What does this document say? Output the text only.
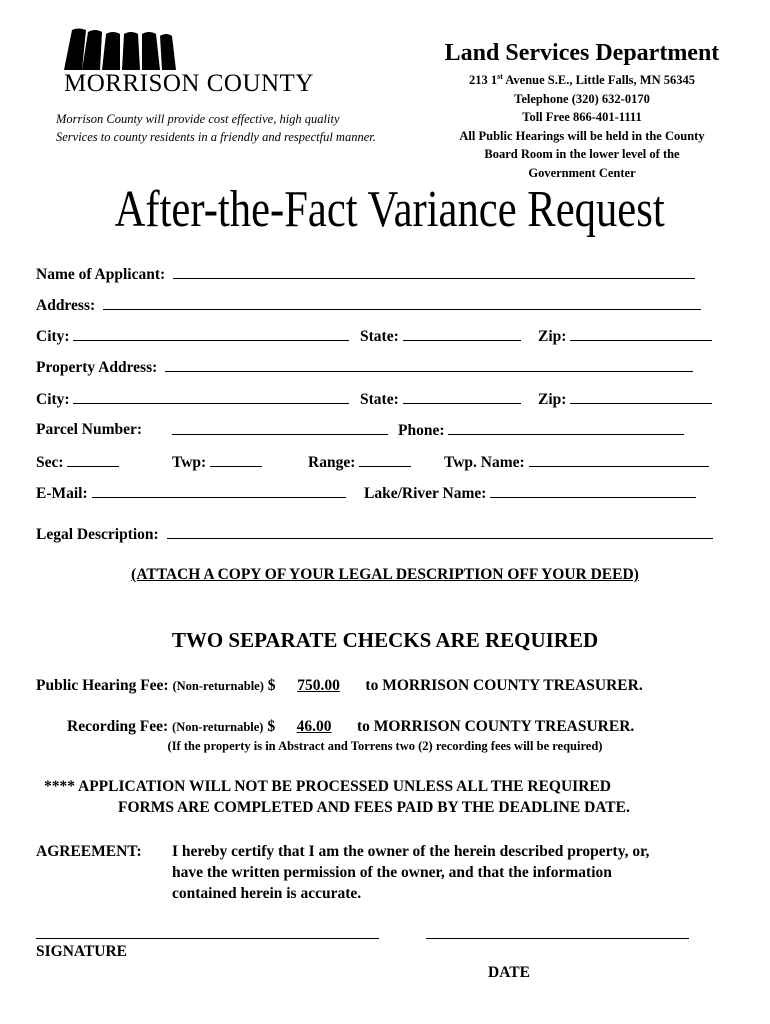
MORRISON COUNTY
Morrison County will provide cost effective, high quality
Services to county residents in a friendly and respectful manner.
Land Services Department
213 1st Avenue S.E., Little Falls, MN 56345
Telephone (320) 632-0170
Toll Free 866-401-1111
All Public Hearings will be held in the County
Board Room in the lower level of the
Government Center
After-the-Fact Variance Request
Name of Applicant:
Address:
City:	State:	Zip:
Property Address:
City:	State:	Zip:
Parcel Number:	Phone:
Sec:	Twp:	Range:	Twp. Name:
E-Mail:	Lake/River Name:
Legal Description:
(ATTACH A COPY OF YOUR LEGAL DESCRIPTION OFF YOUR DEED)
TWO SEPARATE CHECKS ARE REQUIRED
Public Hearing Fee: (Non-returnable) $ 750.00 to MORRISON COUNTY TREASURER.
Recording Fee: (Non-returnable) $ 46.00 to MORRISON COUNTY TREASURER.
(If the property is in Abstract and Torrens two (2) recording fees will be required)
**** APPLICATION WILL NOT BE PROCESSED UNLESS ALL THE REQUIRED
FORMS ARE COMPLETED AND FEES PAID BY THE DEADLINE DATE.
AGREEMENT: I hereby certify that I am the owner of the herein described property, or,
have the written permission of the owner, and that the information
contained herein is accurate.
SIGNATURE
DATE
